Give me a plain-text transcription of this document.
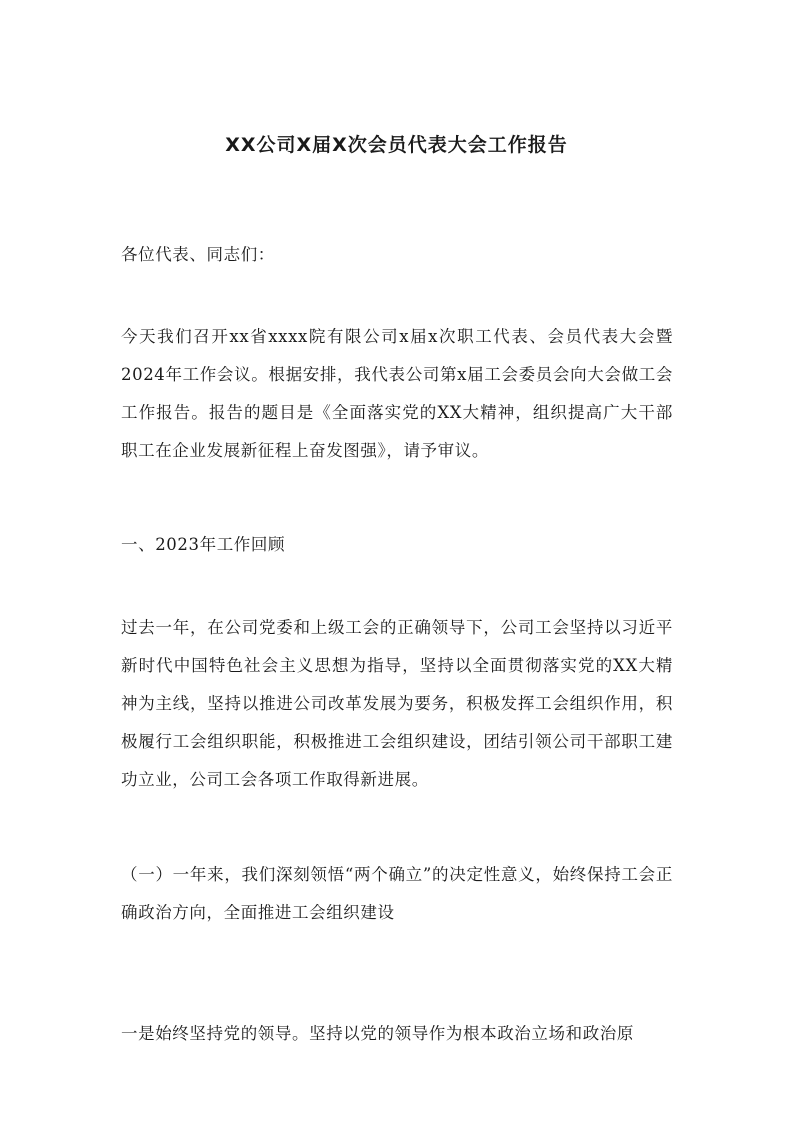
XX公司X届X次会员代表大会工作报告

各位代表、同志们：

今天我们召开xx省xxxx院有限公司x届x次职工代表、会员代表大会暨2024年工作会议。根据安排，我代表公司第x届工会委员会向大会做工会工作报告。报告的题目是《全面落实党的XX大精神，组织提高广大干部职工在企业发展新征程上奋发图强》，请予审议。

一、2023年工作回顾

过去一年，在公司党委和上级工会的正确领导下，公司工会坚持以习近平新时代中国特色社会主义思想为指导，坚持以全面贯彻落实党的XX大精神为主线，坚持以推进公司改革发展为要务，积极发挥工会组织作用，积极履行工会组织职能，积极推进工会组织建设，团结引领公司干部职工建功立业，公司工会各项工作取得新进展。

（一）一年来，我们深刻领悟“两个确立”的决定性意义，始终保持工会正确政治方向，全面推进工会组织建设

一是始终坚持党的领导。坚持以党的领导作为根本政治立场和政治原
